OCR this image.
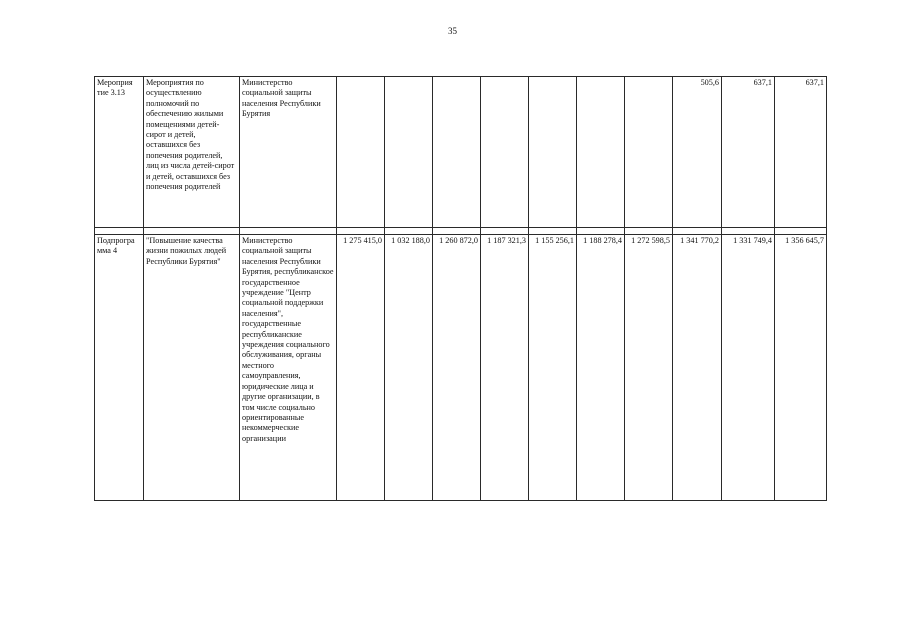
35
Мероприя тие 3.13	Мероприятия по осуществлению полномочий по обеспечению жилыми помещениями детей-сирот и детей, оставшихся без попечения родителей, лиц из числа детей-сирот и детей, оставшихся без попечения родителей	Министерство социальной защиты населения Республики Бурятия								505,6	637,1	637,1

Подпрогра мма 4	"Повышение качества жизни пожилых людей Республики Бурятия"	Министерство социальной защиты населения Республики Бурятия, республиканское государственное учреждение "Центр социальной поддержки населения", государственные республиканские учреждения социального обслуживания, органы местного самоуправления, юридические лица и другие организации, в том числе социально ориентированные некоммерческие организации	1 275 415,0	1 032 188,0	1 260 872,0	1 187 321,3	1 155 256,1	1 188 278,4	1 272 598,5	1 341 770,2	1 331 749,4	1 356 645,7
